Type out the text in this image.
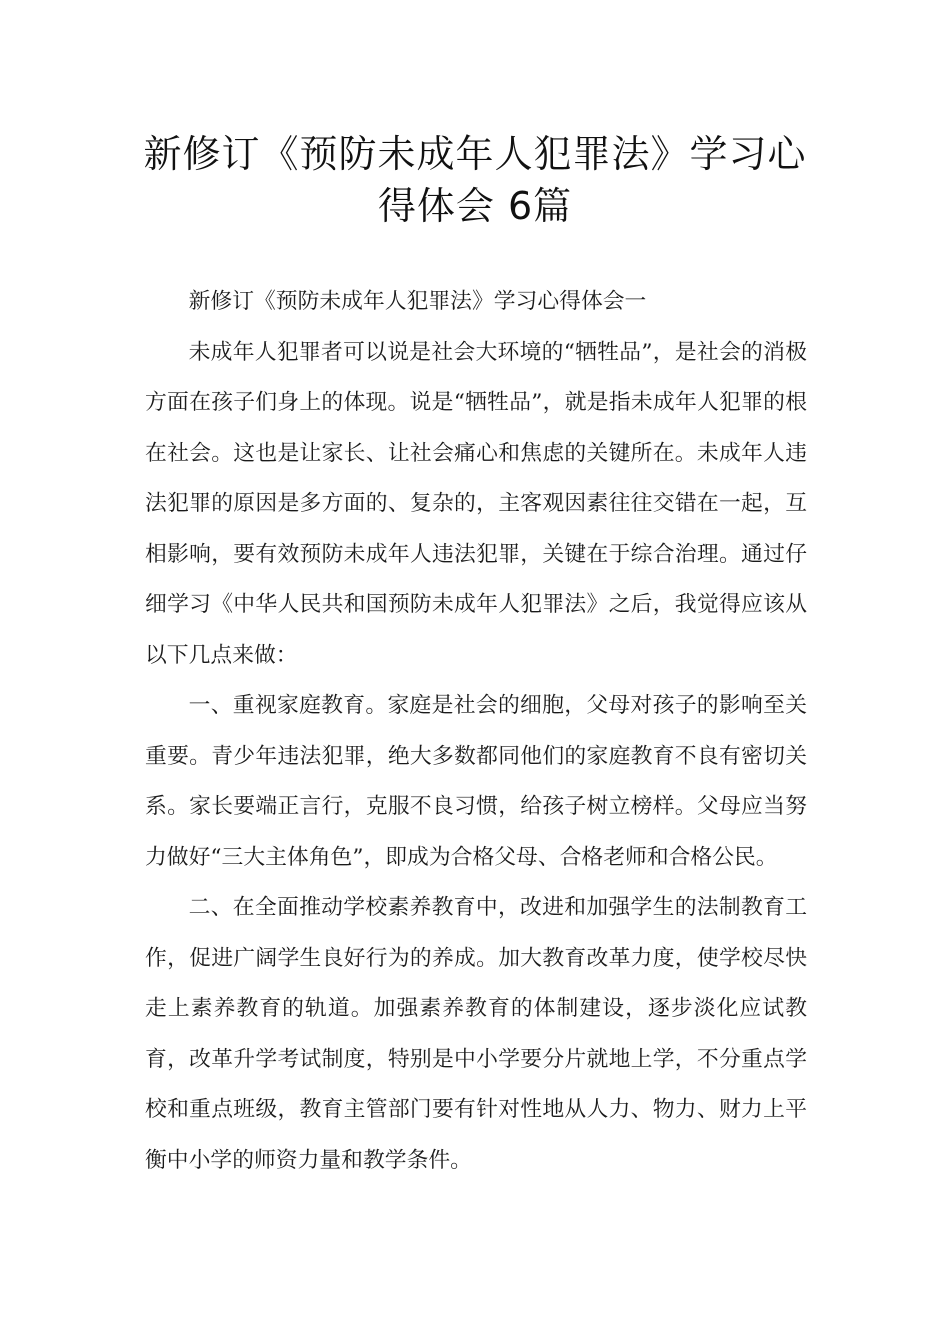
新修订《预防未成年人犯罪法》学习心得体会 6篇

新修订《预防未成年人犯罪法》学习心得体会一

未成年人犯罪者可以说是社会大环境的“牺牲品”，是社会的消极方面在孩子们身上的体现。说是“牺牲品”，就是指未成年人犯罪的根在社会。这也是让家长、让社会痛心和焦虑的关键所在。未成年人违法犯罪的原因是多方面的、复杂的，主客观因素往往交错在一起，互相影响，要有效预防未成年人违法犯罪，关键在于综合治理。通过仔细学习《中华人民共和国预防未成年人犯罪法》之后，我觉得应该从以下几点来做：

一、重视家庭教育。家庭是社会的细胞，父母对孩子的影响至关重要。青少年违法犯罪，绝大多数都同他们的家庭教育不良有密切关系。家长要端正言行，克服不良习惯，给孩子树立榜样。父母应当努力做好“三大主体角色”，即成为合格父母、合格老师和合格公民。

二、在全面推动学校素养教育中，改进和加强学生的法制教育工作，促进广阔学生良好行为的养成。加大教育改革力度，使学校尽快走上素养教育的轨道。加强素养教育的体制建设，逐步淡化应试教育，改革升学考试制度，特别是中小学要分片就地上学，不分重点学校和重点班级，教育主管部门要有针对性地从人力、物力、财力上平衡中小学的师资力量和教学条件。
